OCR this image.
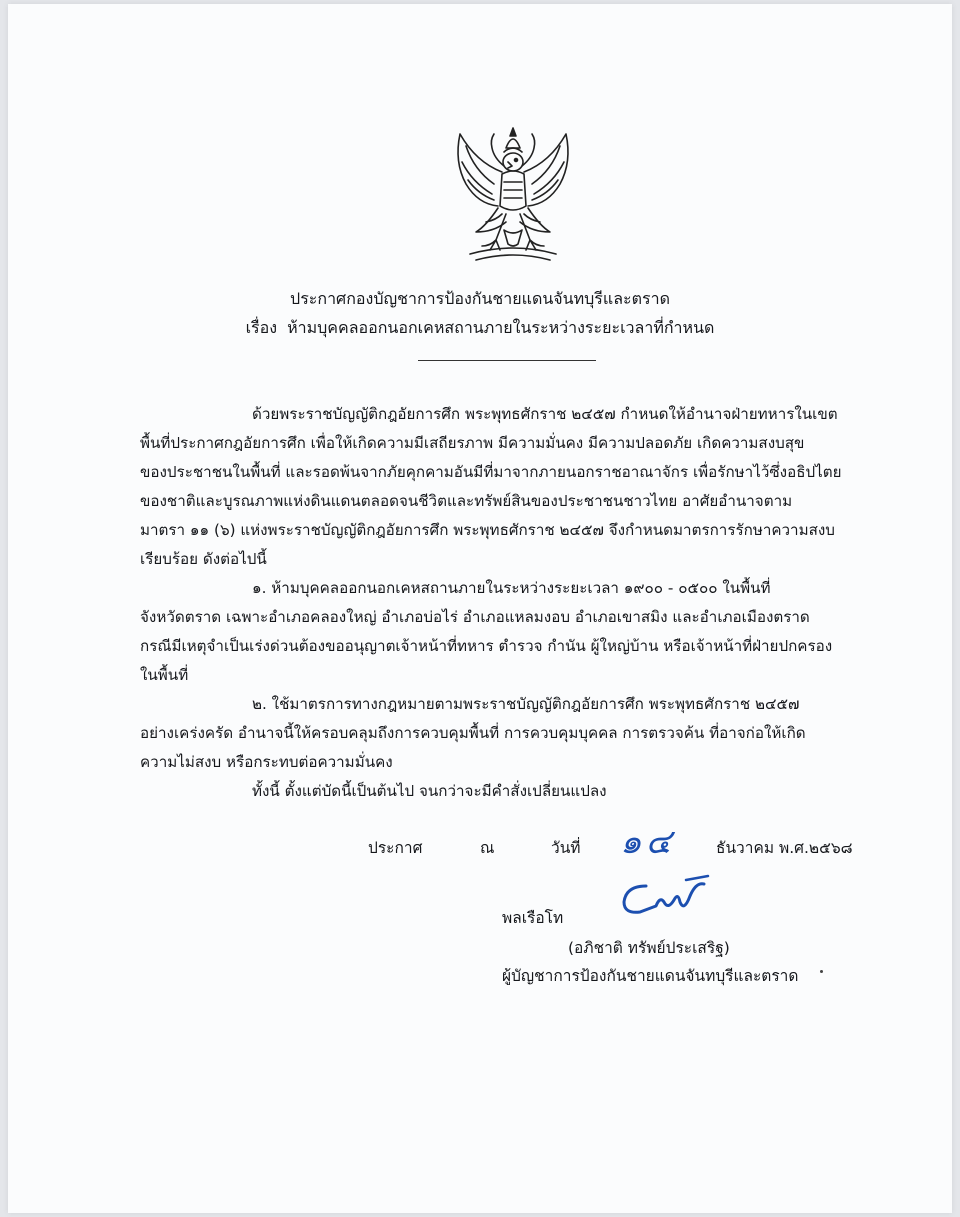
ประกาศกองบัญชาการป้องกันชายแดนจันทบุรีและตราด
เรื่อง ห้ามบุคคลออกนอกเคหสถานภายในระหว่างระยะเวลาที่กำหนด

ด้วยพระราชบัญญัติกฎอัยการศึก พระพุทธศักราช ๒๔๕๗ กำหนดให้อำนาจฝ่ายทหารในเขต
พื้นที่ประกาศกฎอัยการศึก เพื่อให้เกิดความมีเสถียรภาพ มีความมั่นคง มีความปลอดภัย เกิดความสงบสุข
ของประชาชนในพื้นที่ และรอดพ้นจากภัยคุกคามอันมีที่มาจากภายนอกราชอาณาจักร เพื่อรักษาไว้ซึ่งอธิปไตย
ของชาติและบูรณภาพแห่งดินแดนตลอดจนชีวิตและทรัพย์สินของประชาชนชาวไทย อาศัยอำนาจตาม
มาตรา ๑๑ (๖) แห่งพระราชบัญญัติกฎอัยการศึก พระพุทธศักราช ๒๔๕๗ จึงกำหนดมาตรการรักษาความสงบ
เรียบร้อย ดังต่อไปนี้

๑. ห้ามบุคคลออกนอกเคหสถานภายในระหว่างระยะเวลา ๑๙๐๐ - ๐๕๐๐ ในพื้นที่
จังหวัดตราด เฉพาะอำเภอคลองใหญ่ อำเภอบ่อไร่ อำเภอแหลมงอบ อำเภอเขาสมิง และอำเภอเมืองตราด
กรณีมีเหตุจำเป็นเร่งด่วนต้องขออนุญาตเจ้าหน้าที่ทหาร ตำรวจ กำนัน ผู้ใหญ่บ้าน หรือเจ้าหน้าที่ฝ่ายปกครอง
ในพื้นที่

๒. ใช้มาตรการทางกฎหมายตามพระราชบัญญัติกฎอัยการศึก พระพุทธศักราช ๒๔๕๗
อย่างเคร่งครัด อำนาจนี้ให้ครอบคลุมถึงการควบคุมพื้นที่ การควบคุมบุคคล การตรวจค้น ที่อาจก่อให้เกิด
ความไม่สงบ หรือกระทบต่อความมั่นคง

ทั้งนี้ ตั้งแต่บัดนี้เป็นต้นไป จนกว่าจะมีคำสั่งเปลี่ยนแปลง

ประกาศ	ณ	วันที่ ๑๔	ธันวาคม พ.ศ.๒๕๖๘
พลเรือโท
(อภิชาติ ทรัพย์ประเสริฐ)
ผู้บัญชาการป้องกันชายแดนจันทบุรีและตราด
